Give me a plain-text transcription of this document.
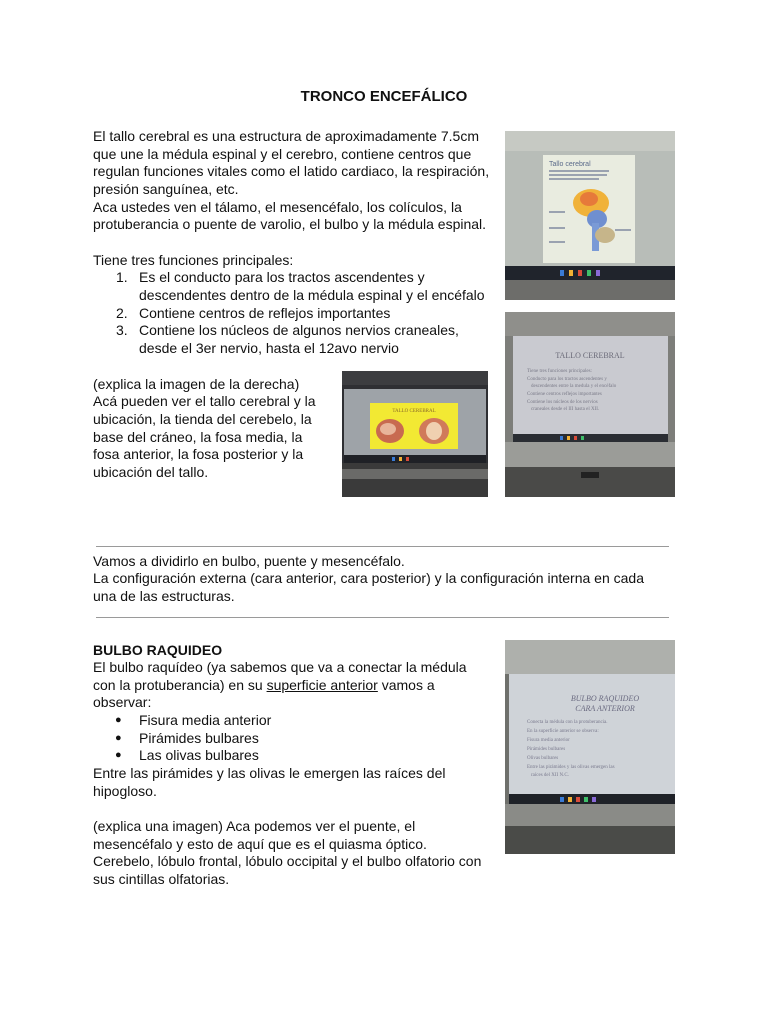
TRONCO ENCEFÁLICO
El tallo cerebral es una estructura de aproximadamente 7.5cm
que une la médula espinal y el cerebro, contiene centros que
regulan funciones vitales como el latido cardiaco, la respiración,
presión sanguínea, etc.
Aca ustedes ven el tálamo, el mesencéfalo, los colículos, la
protuberancia o puente de varolio, el bulbo y la médula espinal.
Tiene tres funciones principales:
1. Es el conducto para los tractos ascendentes y
descendentes dentro de la médula espinal y el encéfalo
2. Contiene centros de reflejos importantes
3. Contiene los núcleos de algunos nervios craneales,
desde el 3er nervio, hasta el 12avo nervio
(explica la imagen de la derecha)
Acá pueden ver el tallo cerebral y la
ubicación, la tienda del cerebelo, la
base del cráneo, la fosa media, la
fosa anterior, la fosa posterior y la
ubicación del tallo.
Vamos a dividirlo en bulbo, puente y mesencéfalo.
La configuración externa (cara anterior, cara posterior) y la configuración interna en cada
una de las estructuras.
BULBO RAQUIDEO
El bulbo raquídeo (ya sabemos que va a conectar la médula
con la protuberancia) en su superficie anterior vamos a
observar:
● Fisura media anterior
● Pirámides bulbares
● Las olivas bulbares
Entre las pirámides y las olivas le emergen las raíces del
hipogloso.
(explica una imagen) Aca podemos ver el puente, el
mesencéfalo y esto de aquí que es el quiasma óptico.
Cerebelo, lóbulo frontal, lóbulo occipital y el bulbo olfatorio con
sus cintillas olfatorias.
Tallo cerebral
TALLO CEREBRAL
Tiene tres funciones principales:
Conducto para los tractos ascendentes y
descendentes entre la medula y el encéfalo
Contiene centros reflejos importantes
Contiene los núcleos de los nervios
craneales desde el III hasta el XII.
TALLO CEREBRAL
BULBO RAQUIDEO
CARA ANTERIOR
Conecta la médula con la protuberancia.
En la superficie anterior se observa:
Fisura media anterior
Pirámides bulbares
Olivas bulbares
Entre las pirámides y las olivas emergen las
raíces del XII N.C.
